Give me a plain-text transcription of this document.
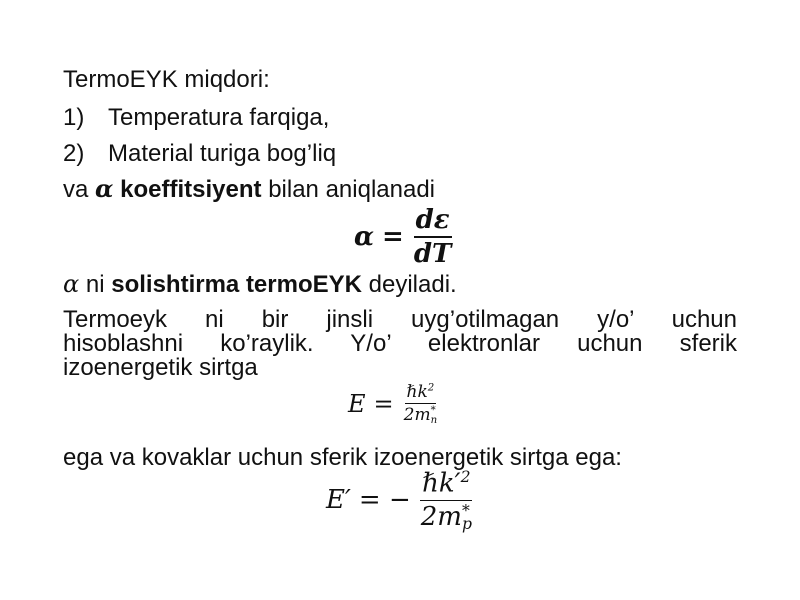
TermoEYK miqdori:
1) Temperatura farqiga,
2) Material turiga bog’liq
va α koeffitsiyent bilan aniqlanadi
$\alpha = \frac{d\varepsilon}{dT}$
α ni solishtirma termoEYK deyiladi.
Termoeyk ni bir jinsli uyg’otilmagan y/o’ uchun
hisoblashni ko’raylik. Y/o’ elektronlar uchun sferik
izoenergetik sirtga
E = ℏk$^2$
2m *
n
ega va kovaklar uchun sferik izoenergetik sirtga ega:
E′ = − $\hbar k'^2$
2m *
p
